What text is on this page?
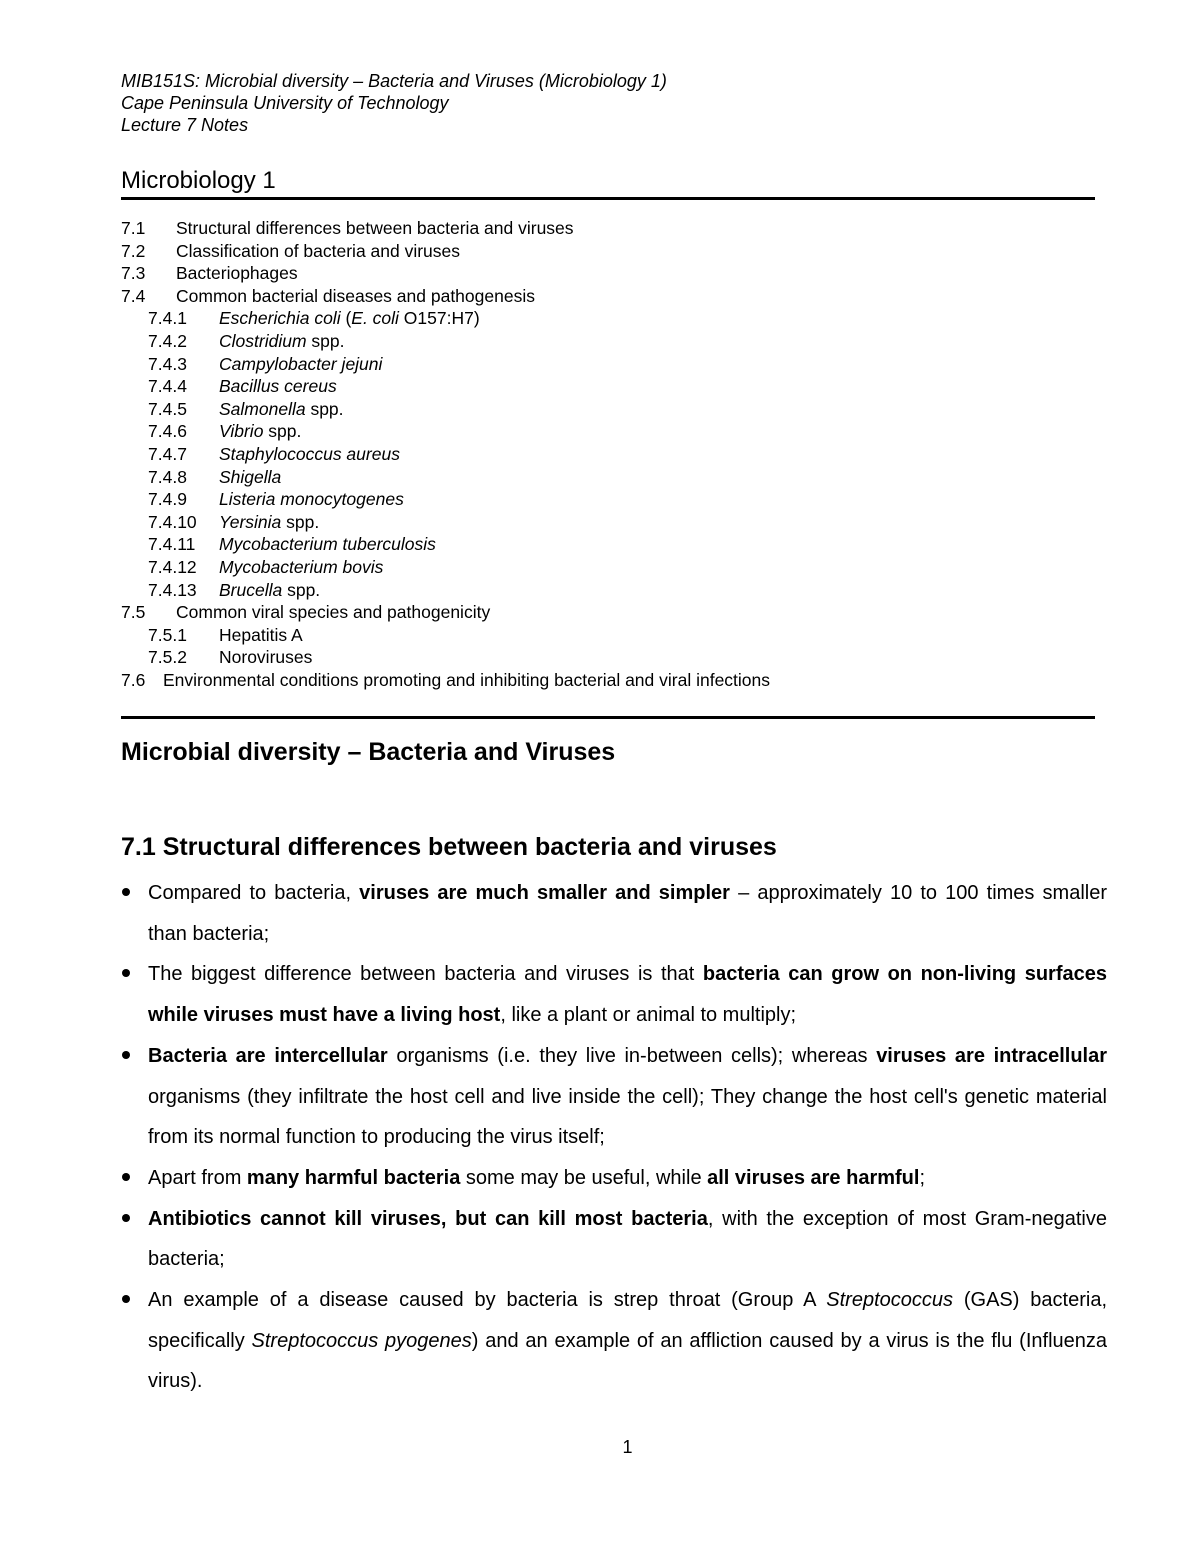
MIB151S: Microbial diversity – Bacteria and Viruses (Microbiology 1)
Cape Peninsula University of Technology
Lecture 7 Notes
Microbiology 1
7.1 Structural differences between bacteria and viruses
7.2 Classification of bacteria and viruses
7.3 Bacteriophages
7.4 Common bacterial diseases and pathogenesis
7.4.1 Escherichia coli (E. coli O157:H7)
7.4.2 Clostridium spp.
7.4.3 Campylobacter jejuni
7.4.4 Bacillus cereus
7.4.5 Salmonella spp.
7.4.6 Vibrio spp.
7.4.7 Staphylococcus aureus
7.4.8 Shigella
7.4.9 Listeria monocytogenes
7.4.10 Yersinia spp.
7.4.11 Mycobacterium tuberculosis
7.4.12 Mycobacterium bovis
7.4.13 Brucella spp.
7.5 Common viral species and pathogenicity
7.5.1 Hepatitis A
7.5.2 Noroviruses
7.6 Environmental conditions promoting and inhibiting bacterial and viral infections
Microbial diversity – Bacteria and Viruses
7.1 Structural differences between bacteria and viruses
Compared to bacteria, viruses are much smaller and simpler – approximately 10 to 100 times smaller than bacteria;
The biggest difference between bacteria and viruses is that bacteria can grow on non-living surfaces while viruses must have a living host, like a plant or animal to multiply;
Bacteria are intercellular organisms (i.e. they live in-between cells); whereas viruses are intracellular organisms (they infiltrate the host cell and live inside the cell); They change the host cell's genetic material from its normal function to producing the virus itself;
Apart from many harmful bacteria some may be useful, while all viruses are harmful;
Antibiotics cannot kill viruses, but can kill most bacteria, with the exception of most Gram-negative bacteria;
An example of a disease caused by bacteria is strep throat (Group A Streptococcus (GAS) bacteria, specifically Streptococcus pyogenes) and an example of an affliction caused by a virus is the flu (Influenza virus).
1
